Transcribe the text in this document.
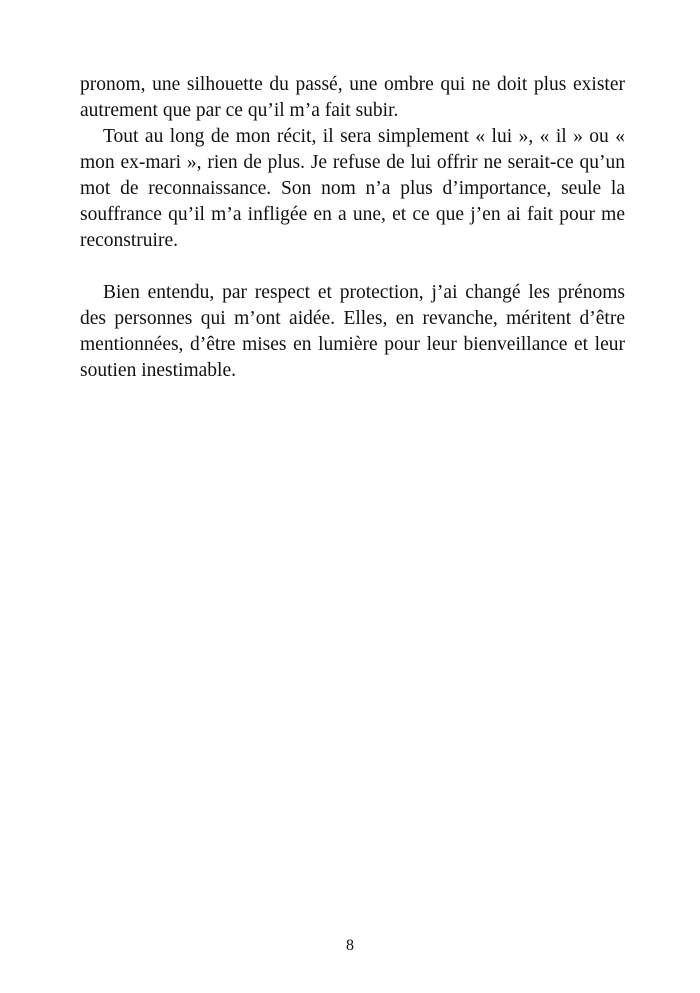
pronom, une silhouette du passé, une ombre qui ne doit plus exister autrement que par ce qu’il m’a fait subir.

Tout au long de mon récit, il sera simplement « lui », « il » ou « mon ex-mari », rien de plus. Je refuse de lui offrir ne serait-ce qu’un mot de reconnaissance. Son nom n’a plus d’importance, seule la souffrance qu’il m’a infligée en a une, et ce que j’en ai fait pour me reconstruire.

Bien entendu, par respect et protection, j’ai changé les prénoms des personnes qui m’ont aidée. Elles, en revanche, méritent d’être mentionnées, d’être mises en lumière pour leur bienveillance et leur soutien inestimable.

8
